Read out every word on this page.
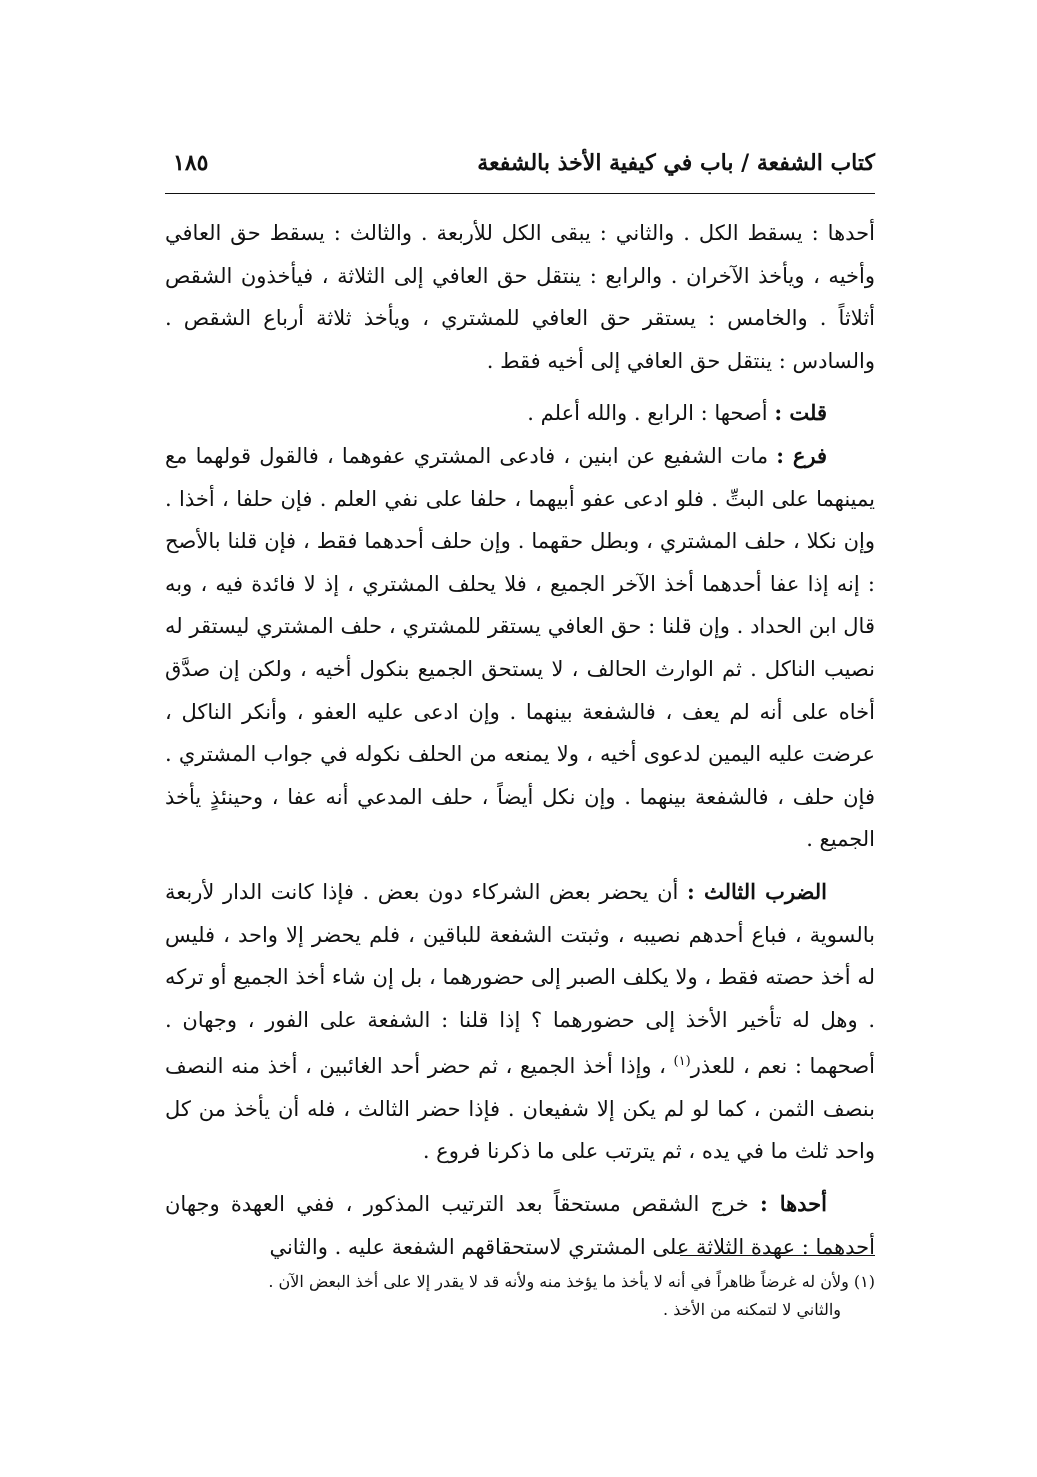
كتاب الشفعة / باب في كيفية الأخذ بالشفعة
١٨٥

أحدها : يسقط الكل . والثاني : يبقى الكل للأربعة . والثالث : يسقط حق العافي وأخيه ، ويأخذ الآخران . والرابع : ينتقل حق العافي إلى الثلاثة ، فيأخذون الشقص أثلاثاً . والخامس : يستقر حق العافي للمشتري ، ويأخذ ثلاثة أرباع الشقص . والسادس : ينتقل حق العافي إلى أخيه فقط .

قلت : أصحها : الرابع . والله أعلم .

فرع : مات الشفيع عن ابنين ، فادعى المشتري عفوهما ، فالقول قولهما مع يمينهما على البتِّ . فلو ادعى عفو أبيهما ، حلفا على نفي العلم . فإن حلفا ، أخذا . وإن نكلا ، حلف المشتري ، وبطل حقهما . وإن حلف أحدهما فقط ، فإن قلنا بالأصح : إنه إذا عفا أحدهما أخذ الآخر الجميع ، فلا يحلف المشتري ، إذ لا فائدة فيه ، وبه قال ابن الحداد . وإن قلنا : حق العافي يستقر للمشتري ، حلف المشتري ليستقر له نصيب الناكل . ثم الوارث الحالف ، لا يستحق الجميع بنكول أخيه ، ولكن إن صدَّق أخاه على أنه لم يعف ، فالشفعة بينهما . وإن ادعى عليه العفو ، وأنكر الناكل ، عرضت عليه اليمين لدعوى أخيه ، ولا يمنعه من الحلف نكوله في جواب المشتري . فإن حلف ، فالشفعة بينهما . وإن نكل أيضاً ، حلف المدعي أنه عفا ، وحينئذٍ يأخذ الجميع .

الضرب الثالث : أن يحضر بعض الشركاء دون بعض . فإذا كانت الدار لأربعة بالسوية ، فباع أحدهم نصيبه ، وثبتت الشفعة للباقين ، فلم يحضر إلا واحد ، فليس له أخذ حصته فقط ، ولا يكلف الصبر إلى حضورهما ، بل إن شاء أخذ الجميع أو تركه . وهل له تأخير الأخذ إلى حضورهما ؟ إذا قلنا : الشفعة على الفور ، وجهان . أصحهما : نعم ، للعذر$^{(١)}$ ، وإذا أخذ الجميع ، ثم حضر أحد الغائبين ، أخذ منه النصف بنصف الثمن ، كما لو لم يكن إلا شفيعان . فإذا حضر الثالث ، فله أن يأخذ من كل واحد ثلث ما في يده ، ثم يترتب على ما ذكرنا فروع .

أحدها : خرج الشقص مستحقاً بعد الترتيب المذكور ، ففي العهدة وجهان أحدهما : عهدة الثلاثة على المشتري لاستحقاقهم الشفعة عليه . والثاني

(١) ولأن له غرضاً ظاهراً في أنه لا يأخذ ما يؤخذ منه ولأنه قد لا يقدر إلا على أخذ البعض الآن .

والثاني لا لتمكنه من الأخذ .
